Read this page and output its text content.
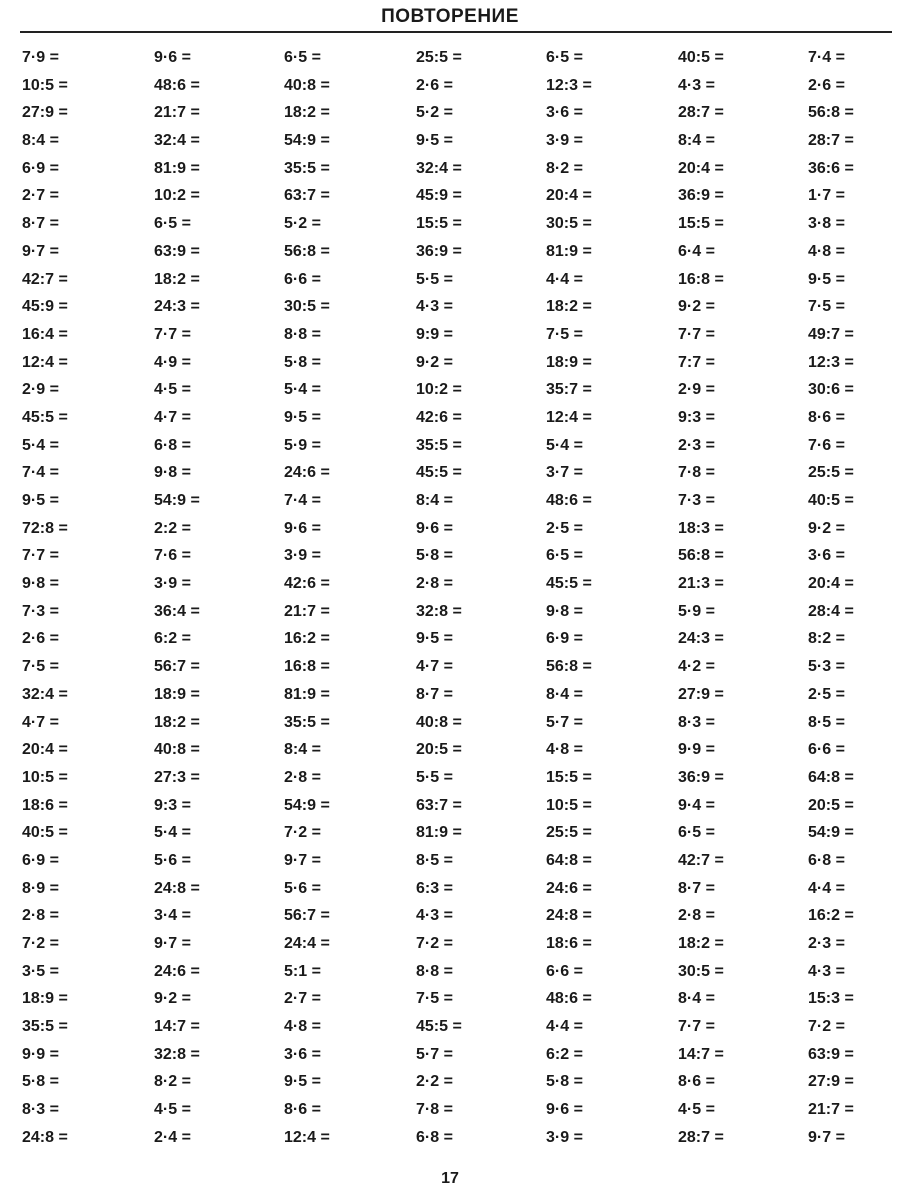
ПОВТОРЕНИЕ
7·9 =	9·6 =	6·5 =	25:5 =	6·5 =	40:5 =	7·4 =
10:5 =	48:6 =	40:8 =	2·6 =	12:3 =	4·3 =	2·6 =
27:9 =	21:7 =	18:2 =	5·2 =	3·6 =	28:7 =	56:8 =
8:4 =	32:4 =	54:9 =	9·5 =	3·9 =	8:4 =	28:7 =
6·9 =	81:9 =	35:5 =	32:4 =	8·2 =	20:4 =	36:6 =
2·7 =	10:2 =	63:7 =	45:9 =	20:4 =	36:9 =	1·7 =
8·7 =	6·5 =	5·2 =	15:5 =	30:5 =	15:5 =	3·8 =
9·7 =	63:9 =	56:8 =	36:9 =	81:9 =	6·4 =	4·8 =
42:7 =	18:2 =	6·6 =	5·5 =	4·4 =	16:8 =	9·5 =
45:9 =	24:3 =	30:5 =	4·3 =	18:2 =	9·2 =	7·5 =
16:4 =	7·7 =	8·8 =	9:9 =	7·5 =	7·7 =	49:7 =
12:4 =	4·9 =	5·8 =	9·2 =	18:9 =	7:7 =	12:3 =
2·9 =	4·5 =	5·4 =	10:2 =	35:7 =	2·9 =	30:6 =
45:5 =	4·7 =	9·5 =	42:6 =	12:4 =	9:3 =	8·6 =
5·4 =	6·8 =	5·9 =	35:5 =	5·4 =	2·3 =	7·6 =
7·4 =	9·8 =	24:6 =	45:5 =	3·7 =	7·8 =	25:5 =
9·5 =	54:9 =	7·4 =	8:4 =	48:6 =	7·3 =	40:5 =
72:8 =	2:2 =	9·6 =	9·6 =	2·5 =	18:3 =	9·2 =
7·7 =	7·6 =	3·9 =	5·8 =	6·5 =	56:8 =	3·6 =
9·8 =	3·9 =	42:6 =	2·8 =	45:5 =	21:3 =	20:4 =
7·3 =	36:4 =	21:7 =	32:8 =	9·8 =	5·9 =	28:4 =
2·6 =	6:2 =	16:2 =	9·5 =	6·9 =	24:3 =	8:2 =
7·5 =	56:7 =	16:8 =	4·7 =	56:8 =	4·2 =	5·3 =
32:4 =	18:9 =	81:9 =	8·7 =	8·4 =	27:9 =	2·5 =
4·7 =	18:2 =	35:5 =	40:8 =	5·7 =	8·3 =	8·5 =
20:4 =	40:8 =	8:4 =	20:5 =	4·8 =	9·9 =	6·6 =
10:5 =	27:3 =	2·8 =	5·5 =	15:5 =	36:9 =	64:8 =
18:6 =	9:3 =	54:9 =	63:7 =	10:5 =	9·4 =	20:5 =
40:5 =	5·4 =	7·2 =	81:9 =	25:5 =	6·5 =	54:9 =
6·9 =	5·6 =	9·7 =	8·5 =	64:8 =	42:7 =	6·8 =
8·9 =	24:8 =	5·6 =	6:3 =	24:6 =	8·7 =	4·4 =
2·8 =	3·4 =	56:7 =	4·3 =	24:8 =	2·8 =	16:2 =
7·2 =	9·7 =	24:4 =	7·2 =	18:6 =	18:2 =	2·3 =
3·5 =	24:6 =	5:1 =	8·8 =	6·6 =	30:5 =	4·3 =
18:9 =	9·2 =	2·7 =	7·5 =	48:6 =	8·4 =	15:3 =
35:5 =	14:7 =	4·8 =	45:5 =	4·4 =	7·7 =	7·2 =
9·9 =	32:8 =	3·6 =	5·7 =	6:2 =	14:7 =	63:9 =
5·8 =	8·2 =	9·5 =	2·2 =	5·8 =	8·6 =	27:9 =
8·3 =	4·5 =	8·6 =	7·8 =	9·6 =	4·5 =	21:7 =
24:8 =	2·4 =	12:4 =	6·8 =	3·9 =	28:7 =	9·7 =
17
